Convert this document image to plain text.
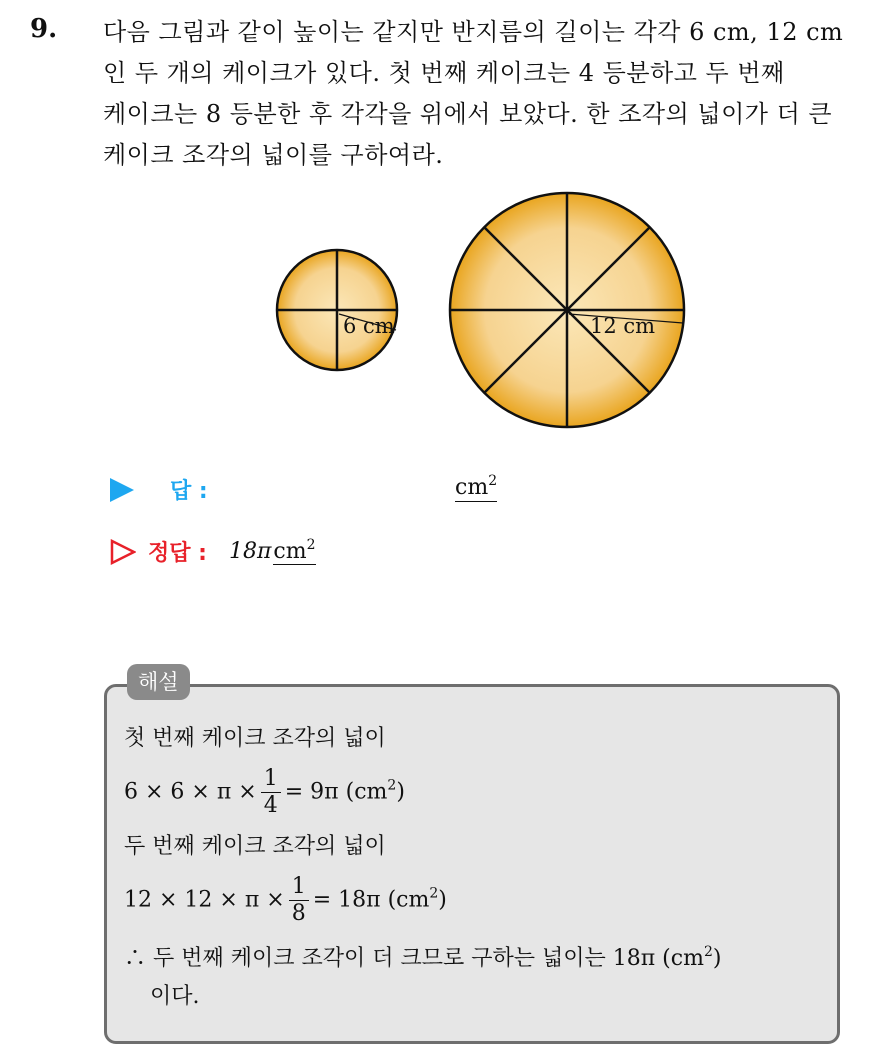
9. 다음 그림과 같이 높이는 같지만 반지름의 길이는 각각 6 cm, 12 cm
인 두 개의 케이크가 있다. 첫 번째 케이크는 4 등분하고 두 번째
케이크는 8 등분한 후 각각을 위에서 보았다. 한 조각의 넓이가 더 큰
케이크 조각의 넓이를 구하여라.
6 cm	12 cm
답 :	$cm^2$
정답 : 18πcm$^2$
해설
첫 번째 케이크 조각의 넓이
$6 \times 6 \times \pi \times \frac{1}{4} = 9\pi$ $(cm^2)$
두 번째 케이크 조각의 넓이
$12 \times 12 \times \pi \times \frac{1}{8} = 18\pi$ $(cm^2)$
∴ 두 번째 케이크 조각이 더 크므로 구하는 넓이는 18π $(cm^2)$
이다.
